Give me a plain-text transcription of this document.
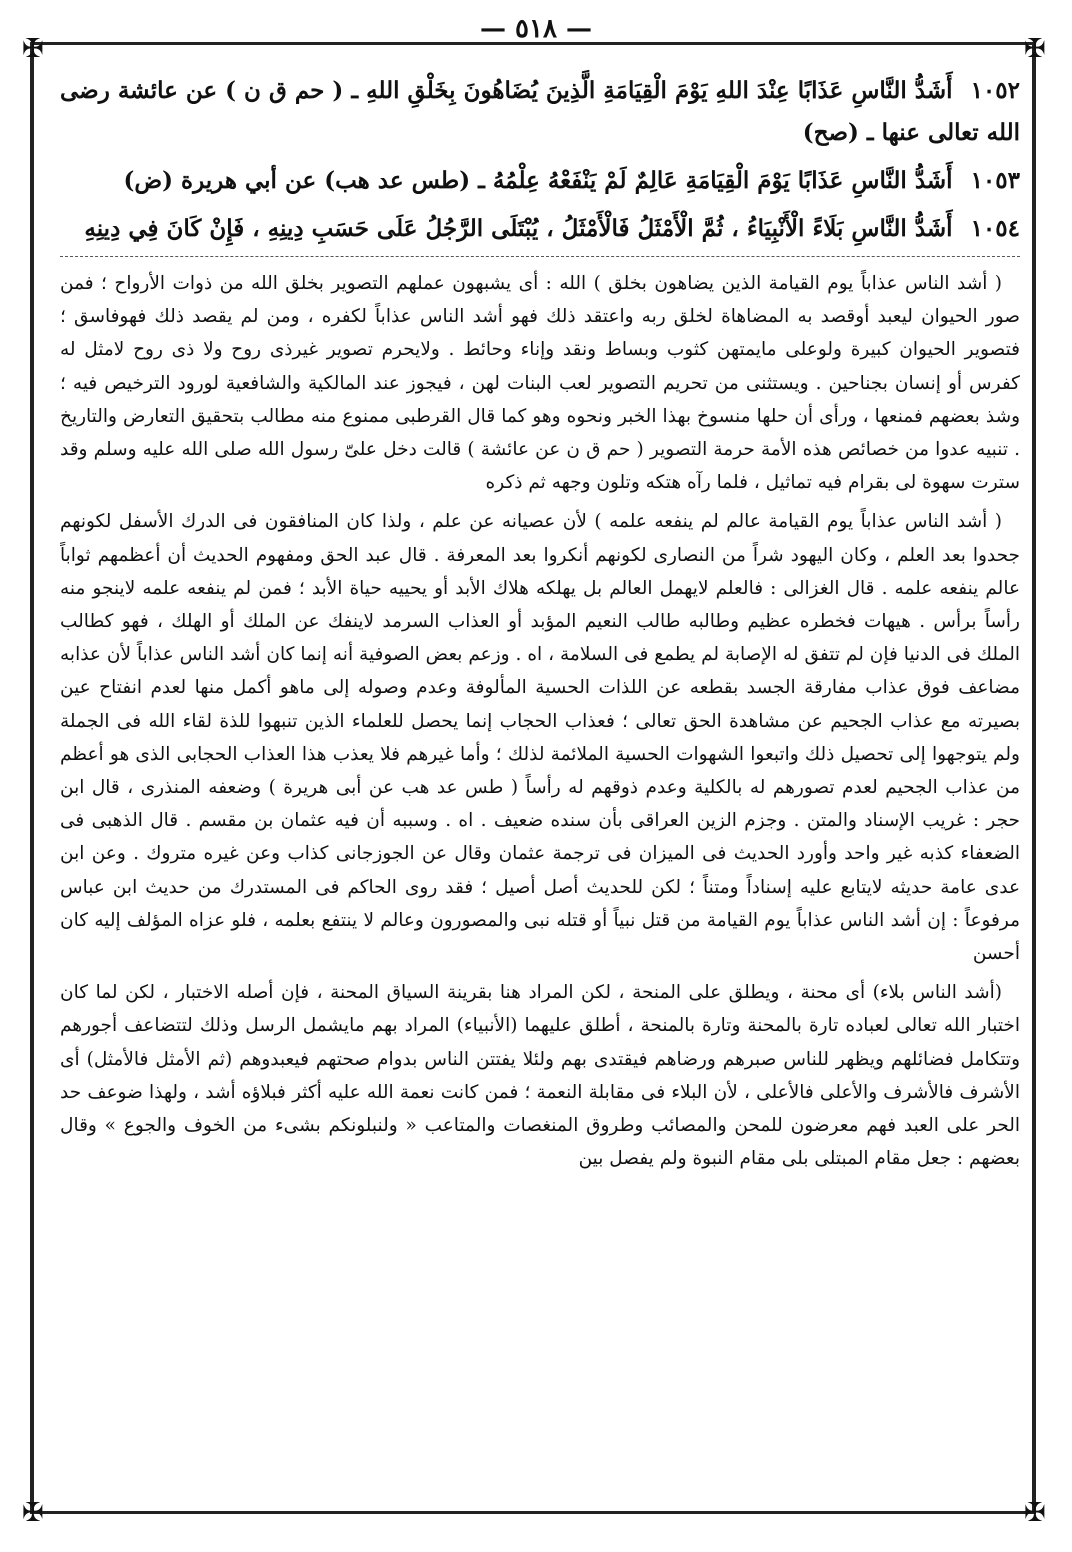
— ٥١٨ —
✠	✠
✠	✠

١٠٥٢ أَشَدُّ النَّاسِ عَذَابًا عِنْدَ اللهِ يَوْمَ الْقِيَامَةِ الَّذِينَ يُضَاهُونَ بِخَلْقِ اللهِ ـ ( حم ق ن ) عن عائشة رضى الله تعالى عنها ـ (صح)

١٠٥٣ أَشَدُّ النَّاسِ عَذَابًا يَوْمَ الْقِيَامَةِ عَالِمٌ لَمْ يَنْفَعْهُ عِلْمُهُ ـ (طس عد هب) عن أبي هريرة (ض)

١٠٥٤ أَشَدُّ النَّاسِ بَلَاءً الْأَنْبِيَاءُ ، ثُمَّ الْأَمْثَلُ فَالْأَمْثَلُ ، يُبْتَلَى الرَّجُلُ عَلَى حَسَبِ دِينِهِ ، فَإِنْ كَانَ فِي دِينِهِ

( أشد الناس عذاباً يوم القيامة الذين يضاهون بخلق ) الله : أى يشبهون عملهم التصوير بخلق الله من ذوات الأرواح ؛ فمن صور الحيوان ليعبد أوقصد به المضاهاة لخلق ربه واعتقد ذلك فهو أشد الناس عذاباً لكفره ، ومن لم يقصد ذلك فهوفاسق ؛ فتصوير الحيوان كبيرة ولوعلى مايمتهن كثوب وبساط ونقد وإناء وحائط . ولايحرم تصوير غيرذى روح ولا ذى روح لامثل له كفرس أو إنسان بجناحين . ويستثنى من تحريم التصوير لعب البنات لهن ، فيجوز عند المالكية والشافعية لورود الترخيص فيه ؛ وشذ بعضهم فمنعها ، ورأى أن حلها منسوخ بهذا الخبر ونحوه وهو كما قال القرطبى ممنوع منه مطالب بتحقيق التعارض والتاريخ . تنبيه عدوا من خصائص هذه الأمة حرمة التصوير ( حم ق ن عن عائشة ) قالت دخل علىّ رسول الله صلى الله عليه وسلم وقد سترت سهوة لى بقرام فيه تماثيل ، فلما رآه هتكه وتلون وجهه ثم ذكره

( أشد الناس عذاباً يوم القيامة عالم لم ينفعه علمه ) لأن عصيانه عن علم ، ولذا كان المنافقون فى الدرك الأسفل لكونهم جحدوا بعد العلم ، وكان اليهود شراً من النصارى لكونهم أنكروا بعد المعرفة . قال عبد الحق ومفهوم الحديث أن أعظمهم ثواباً عالم ينفعه علمه . قال الغزالى : فالعلم لايهمل العالم بل يهلكه هلاك الأبد أو يحييه حياة الأبد ؛ فمن لم ينفعه علمه لاينجو منه رأساً برأس . هيهات فخطره عظيم وطالبه طالب النعيم المؤبد أو العذاب السرمد لاينفك عن الملك أو الهلك ، فهو كطالب الملك فى الدنيا فإن لم تتفق له الإصابة لم يطمع فى السلامة ، اه . وزعم بعض الصوفية أنه إنما كان أشد الناس عذاباً لأن عذابه مضاعف فوق عذاب مفارقة الجسد بقطعه عن اللذات الحسية المألوفة وعدم وصوله إلى ماهو أكمل منها لعدم انفتاح عين بصيرته مع عذاب الجحيم عن مشاهدة الحق تعالى ؛ فعذاب الحجاب إنما يحصل للعلماء الذين تنبهوا للذة لقاء الله فى الجملة ولم يتوجهوا إلى تحصيل ذلك واتبعوا الشهوات الحسية الملائمة لذلك ؛ وأما غيرهم فلا يعذب هذا العذاب الحجابى الذى هو أعظم من عذاب الجحيم لعدم تصورهم له بالكلية وعدم ذوقهم له رأساً ( طس عد هب عن أبى هريرة ) وضعفه المنذرى ، قال ابن حجر : غريب الإسناد والمتن . وجزم الزين العراقى بأن سنده ضعيف . اه . وسببه أن فيه عثمان بن مقسم . قال الذهبى فى الضعفاء كذبه غير واحد وأورد الحديث فى الميزان فى ترجمة عثمان وقال عن الجوزجانى كذاب وعن غيره متروك . وعن ابن عدى عامة حديثه لايتابع عليه إسناداً ومتناً ؛ لكن للحديث أصل أصيل ؛ فقد روى الحاكم فى المستدرك من حديث ابن عباس مرفوعاً : إن أشد الناس عذاباً يوم القيامة من قتل نبياً أو قتله نبى والمصورون وعالم لا ينتفع بعلمه ، فلو عزاه المؤلف إليه كان أحسن

(أشد الناس بلاء) أى محنة ، ويطلق على المنحة ، لكن المراد هنا بقرينة السياق المحنة ، فإن أصله الاختبار ، لكن لما كان اختبار الله تعالى لعباده تارة بالمحنة وتارة بالمنحة ، أطلق عليهما (الأنبياء) المراد بهم مايشمل الرسل وذلك لتتضاعف أجورهم وتتكامل فضائلهم ويظهر للناس صبرهم ورضاهم فيقتدى بهم ولئلا يفتتن الناس بدوام صحتهم فيعبدوهم (ثم الأمثل فالأمثل) أى الأشرف فالأشرف والأعلى فالأعلى ، لأن البلاء فى مقابلة النعمة ؛ فمن كانت نعمة الله عليه أكثر فبلاؤه أشد ، ولهذا ضوعف حد الحر على العبد فهم معرضون للمحن والمصائب وطروق المنغصات والمتاعب « ولنبلونكم بشىء من الخوف والجوع » وقال بعضهم : جعل مقام المبتلى بلى مقام النبوة ولم يفصل بين
